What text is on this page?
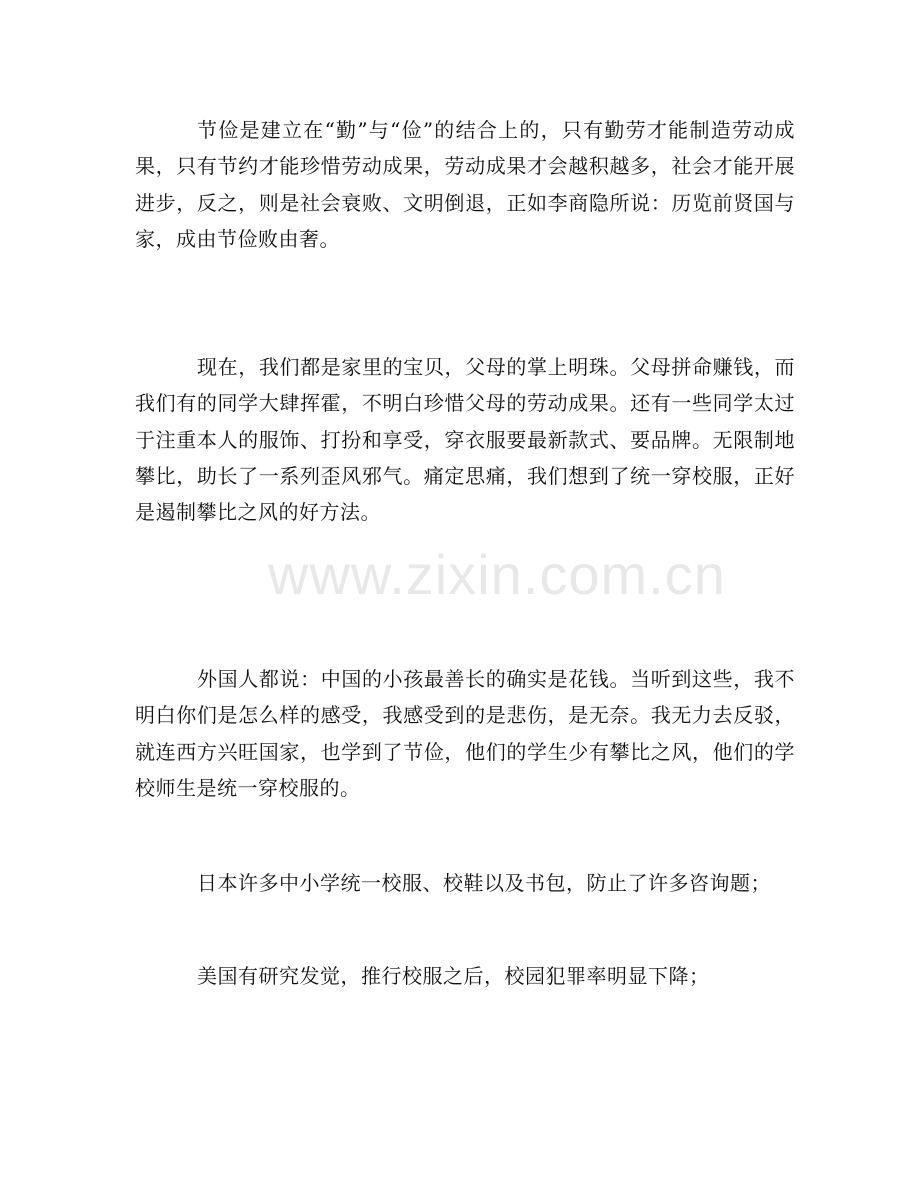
节俭是建立在“勤”与“俭”的结合上的，只有勤劳才能制造劳动成果，只有节约才能珍惜劳动成果，劳动成果才会越积越多，社会才能开展进步，反之，则是社会衰败、文明倒退，正如李商隐所说：历览前贤国与家，成由节俭败由奢。

现在，我们都是家里的宝贝，父母的掌上明珠。父母拼命赚钱，而我们有的同学大肆挥霍，不明白珍惜父母的劳动成果。还有一些同学太过于注重本人的服饰、打扮和享受，穿衣服要最新款式、要品牌。无限制地攀比，助长了一系列歪风邪气。痛定思痛，我们想到了统一穿校服，正好是遏制攀比之风的好方法。

外国人都说：中国的小孩最善长的确实是花钱。当听到这些，我不明白你们是怎么样的感受，我感受到的是悲伤，是无奈。我无力去反驳，就连西方兴旺国家，也学到了节俭，他们的学生少有攀比之风，他们的学校师生是统一穿校服的。

日本许多中小学统一校服、校鞋以及书包，防止了许多咨询题；

美国有研究发觉，推行校服之后，校园犯罪率明显下降；

www.zixin.com.cn
